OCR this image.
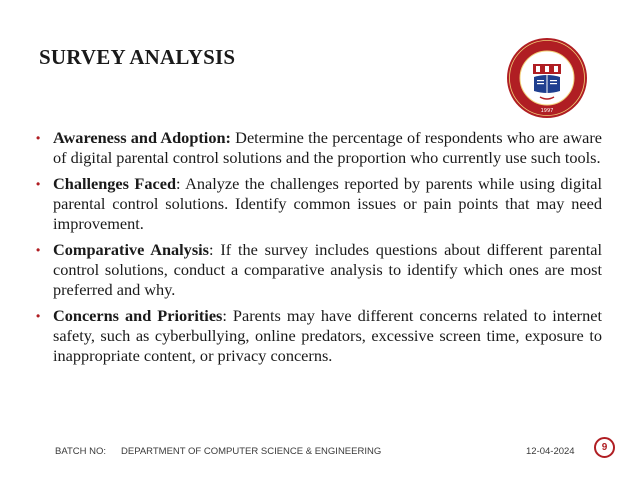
SURVEY ANALYSIS
1997
• Awareness and Adoption: Determine the percentage of respondents who are aware of digital parental control solutions and the proportion who currently use such tools.
• Challenges Faced: Analyze the challenges reported by parents while using digital parental control solutions. Identify common issues or pain points that may need improvement.
• Comparative Analysis: If the survey includes questions about different parental control solutions, conduct a comparative analysis to identify which ones are most preferred and why.
• Concerns and Priorities: Parents may have different concerns related to internet safety, such as cyberbullying, online predators, excessive screen time, exposure to inappropriate content, or privacy concerns.
BATCH NO: DEPARTMENT OF COMPUTER SCIENCE & ENGINEERING	12-04-2024	9
